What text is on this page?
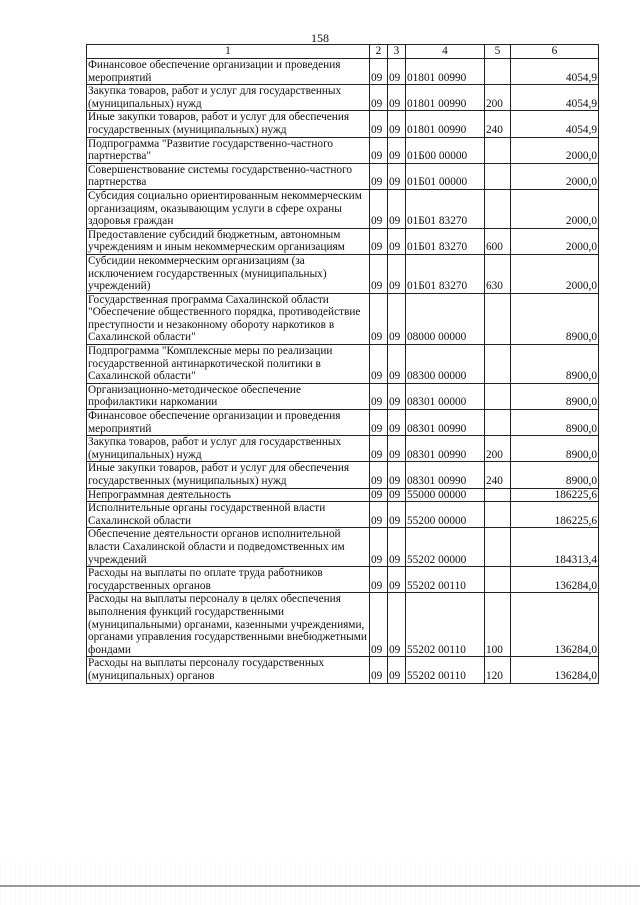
158
1	2	3	4	5	6
Финансовое обеспечение организации и проведения мероприятий	09	09	01801 00990		4054,9
Закупка товаров, работ и услуг для государственных (муниципальных) нужд	09	09	01801 00990	200	4054,9
Иные закупки товаров, работ и услуг для обеспечения государственных (муниципальных) нужд	09	09	01801 00990	240	4054,9
Подпрограмма "Развитие государственно-частного партнерства"	09	09	01Б00 00000		2000,0
Совершенствование системы государственно-частного партнерства	09	09	01Б01 00000		2000,0
Субсидия социально ориентированным некоммерческим организациям, оказывающим услуги в сфере охраны здоровья граждан	09	09	01Б01 83270		2000,0
Предоставление субсидий бюджетным, автономным учреждениям и иным некоммерческим организациям	09	09	01Б01 83270	600	2000,0
Субсидии некоммерческим организациям (за исключением государственных (муниципальных) учреждений)	09	09	01Б01 83270	630	2000,0
Государственная программа Сахалинской области "Обеспечение общественного порядка, противодействие преступности и незаконному обороту наркотиков в Сахалинской области"	09	09	08000 00000		8900,0
Подпрограмма "Комплексные меры по реализации государственной антинаркотической политики в Сахалинской области"	09	09	08300 00000		8900,0
Организационно-методическое обеспечение профилактики наркомании	09	09	08301 00000		8900,0
Финансовое обеспечение организации и проведения мероприятий	09	09	08301 00990		8900,0
Закупка товаров, работ и услуг для государственных (муниципальных) нужд	09	09	08301 00990	200	8900,0
Иные закупки товаров, работ и услуг для обеспечения государственных (муниципальных) нужд	09	09	08301 00990	240	8900,0
Непрограммная деятельность	09	09	55000 00000		186225,6
Исполнительные органы государственной власти Сахалинской области	09	09	55200 00000		186225,6
Обеспечение деятельности органов исполнительной власти Сахалинской области и подведомственных им учреждений	09	09	55202 00000		184313,4
Расходы на выплаты по оплате труда работников государственных органов	09	09	55202 00110		136284,0
Расходы на выплаты персоналу в целях обеспечения выполнения функций государственными (муниципальными) органами, казенными учреждениями, органами управления государственными внебюджетными фондами	09	09	55202 00110	100	136284,0
Расходы на выплаты персоналу государственных (муниципальных) органов	09	09	55202 00110	120	136284,0
